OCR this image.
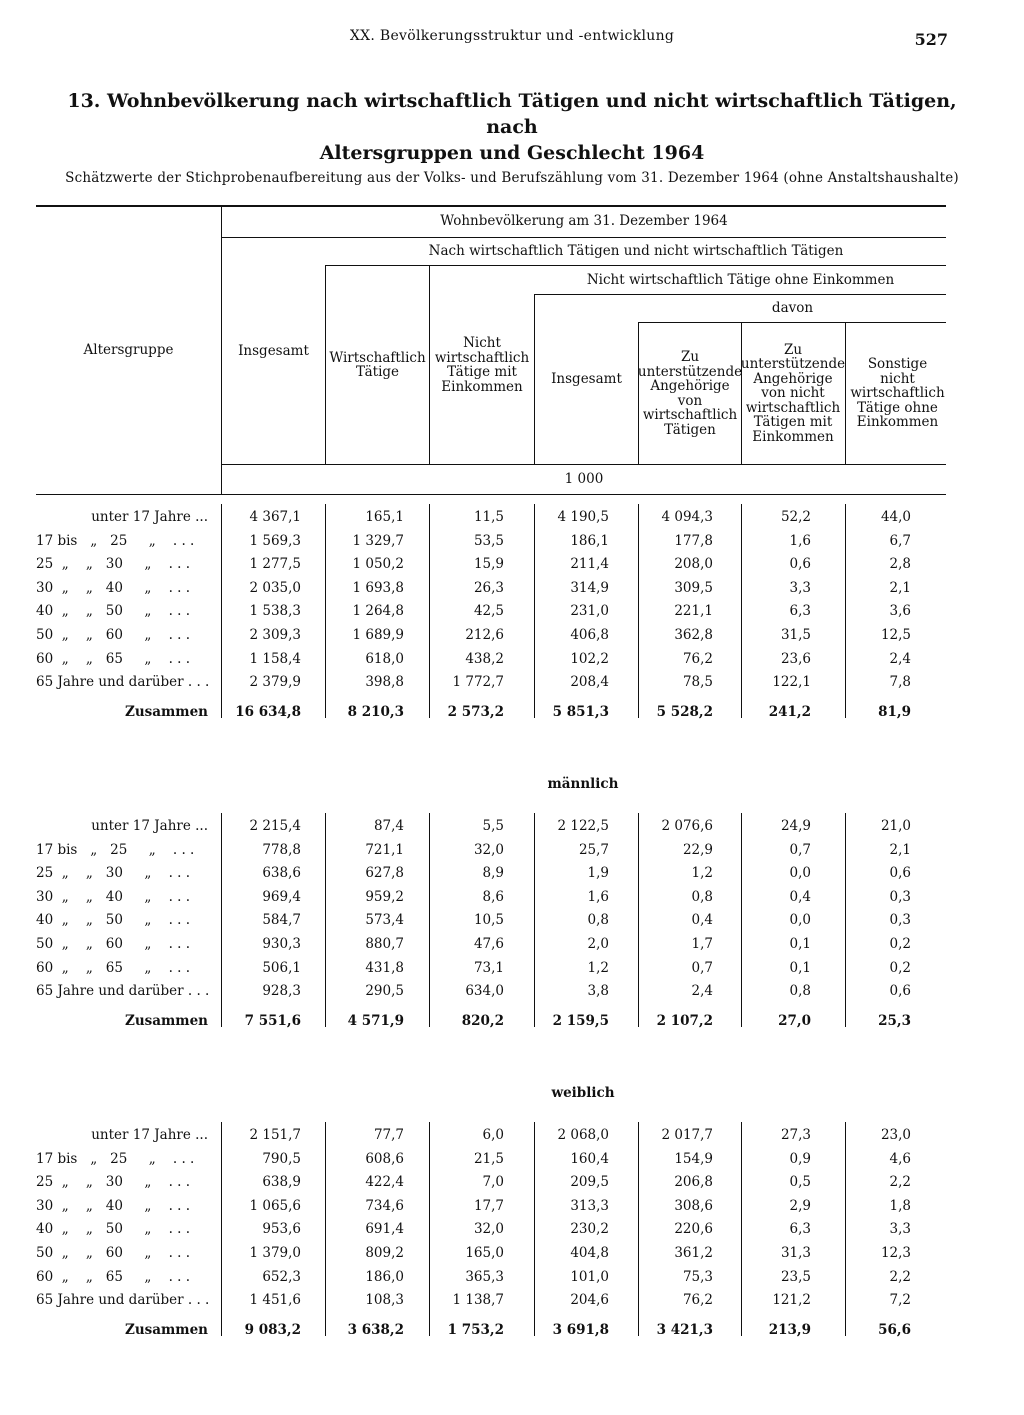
XX. Bevölkerungsstruktur und -entwicklung	527
13. Wohnbevölkerung nach wirtschaftlich Tätigen und nicht wirtschaftlich Tätigen, nach
Altersgruppen und Geschlecht 1964
Schätzwerte der Stichprobenaufbereitung aus der Volks- und Berufszählung vom 31. Dezember 1964 (ohne Anstaltshaushalte)
Altersgruppe
Wohnbevölkerung am 31. Dezember 1964
Insgesamt
Nach wirtschaftlich Tätigen und nicht wirtschaftlich Tätigen
Wirtschaftlich Tätige
Nicht wirtschaftlich Tätige mit Einkommen
Nicht wirtschaftlich Tätige ohne Einkommen
Insgesamt
davon
Zu unterstützende Angehörige von wirtschaftlich Tätigen
Zu unterstützende Angehörige von nicht wirtschaftlich Tätigen mit Einkommen
Sonstige nicht wirtschaftlich Tätige ohne Einkommen
1 000
unter 17 Jahre ...	4 367,1	165,1	11,5	4 190,5	4 094,3	52,2	44,0
17 bis   „   25     „    . . .	1 569,3	1 329,7	53,5	186,1	177,8	1,6	6,7
25  „    „   30     „    . . .	1 277,5	1 050,2	15,9	211,4	208,0	0,6	2,8
30  „    „   40     „    . . .	2 035,0	1 693,8	26,3	314,9	309,5	3,3	2,1
40  „    „   50     „    . . .	1 538,3	1 264,8	42,5	231,0	221,1	6,3	3,6
50  „    „   60     „    . . .	2 309,3	1 689,9	212,6	406,8	362,8	31,5	12,5
60  „    „   65     „    . . .	1 158,4	618,0	438,2	102,2	76,2	23,6	2,4
65 Jahre und darüber . . .	2 379,9	398,8	1 772,7	208,4	78,5	122,1	7,8
Zusammen	16 634,8	8 210,3	2 573,2	5 851,3	5 528,2	241,2	81,9
männlich
unter 17 Jahre ...	2 215,4	87,4	5,5	2 122,5	2 076,6	24,9	21,0
17 bis   „   25     „    . . .	778,8	721,1	32,0	25,7	22,9	0,7	2,1
25  „    „   30     „    . . .	638,6	627,8	8,9	1,9	1,2	0,0	0,6
30  „    „   40     „    . . .	969,4	959,2	8,6	1,6	0,8	0,4	0,3
40  „    „   50     „    . . .	584,7	573,4	10,5	0,8	0,4	0,0	0,3
50  „    „   60     „    . . .	930,3	880,7	47,6	2,0	1,7	0,1	0,2
60  „    „   65     „    . . .	506,1	431,8	73,1	1,2	0,7	0,1	0,2
65 Jahre und darüber . . .	928,3	290,5	634,0	3,8	2,4	0,8	0,6
Zusammen	7 551,6	4 571,9	820,2	2 159,5	2 107,2	27,0	25,3
weiblich
unter 17 Jahre ...	2 151,7	77,7	6,0	2 068,0	2 017,7	27,3	23,0
17 bis   „   25     „    . . .	790,5	608,6	21,5	160,4	154,9	0,9	4,6
25  „    „   30     „    . . .	638,9	422,4	7,0	209,5	206,8	0,5	2,2
30  „    „   40     „    . . .	1 065,6	734,6	17,7	313,3	308,6	2,9	1,8
40  „    „   50     „    . . .	953,6	691,4	32,0	230,2	220,6	6,3	3,3
50  „    „   60     „    . . .	1 379,0	809,2	165,0	404,8	361,2	31,3	12,3
60  „    „   65     „    . . .	652,3	186,0	365,3	101,0	75,3	23,5	2,2
65 Jahre und darüber . . .	1 451,6	108,3	1 138,7	204,6	76,2	121,2	7,2
Zusammen	9 083,2	3 638,2	1 753,2	3 691,8	3 421,3	213,9	56,6
